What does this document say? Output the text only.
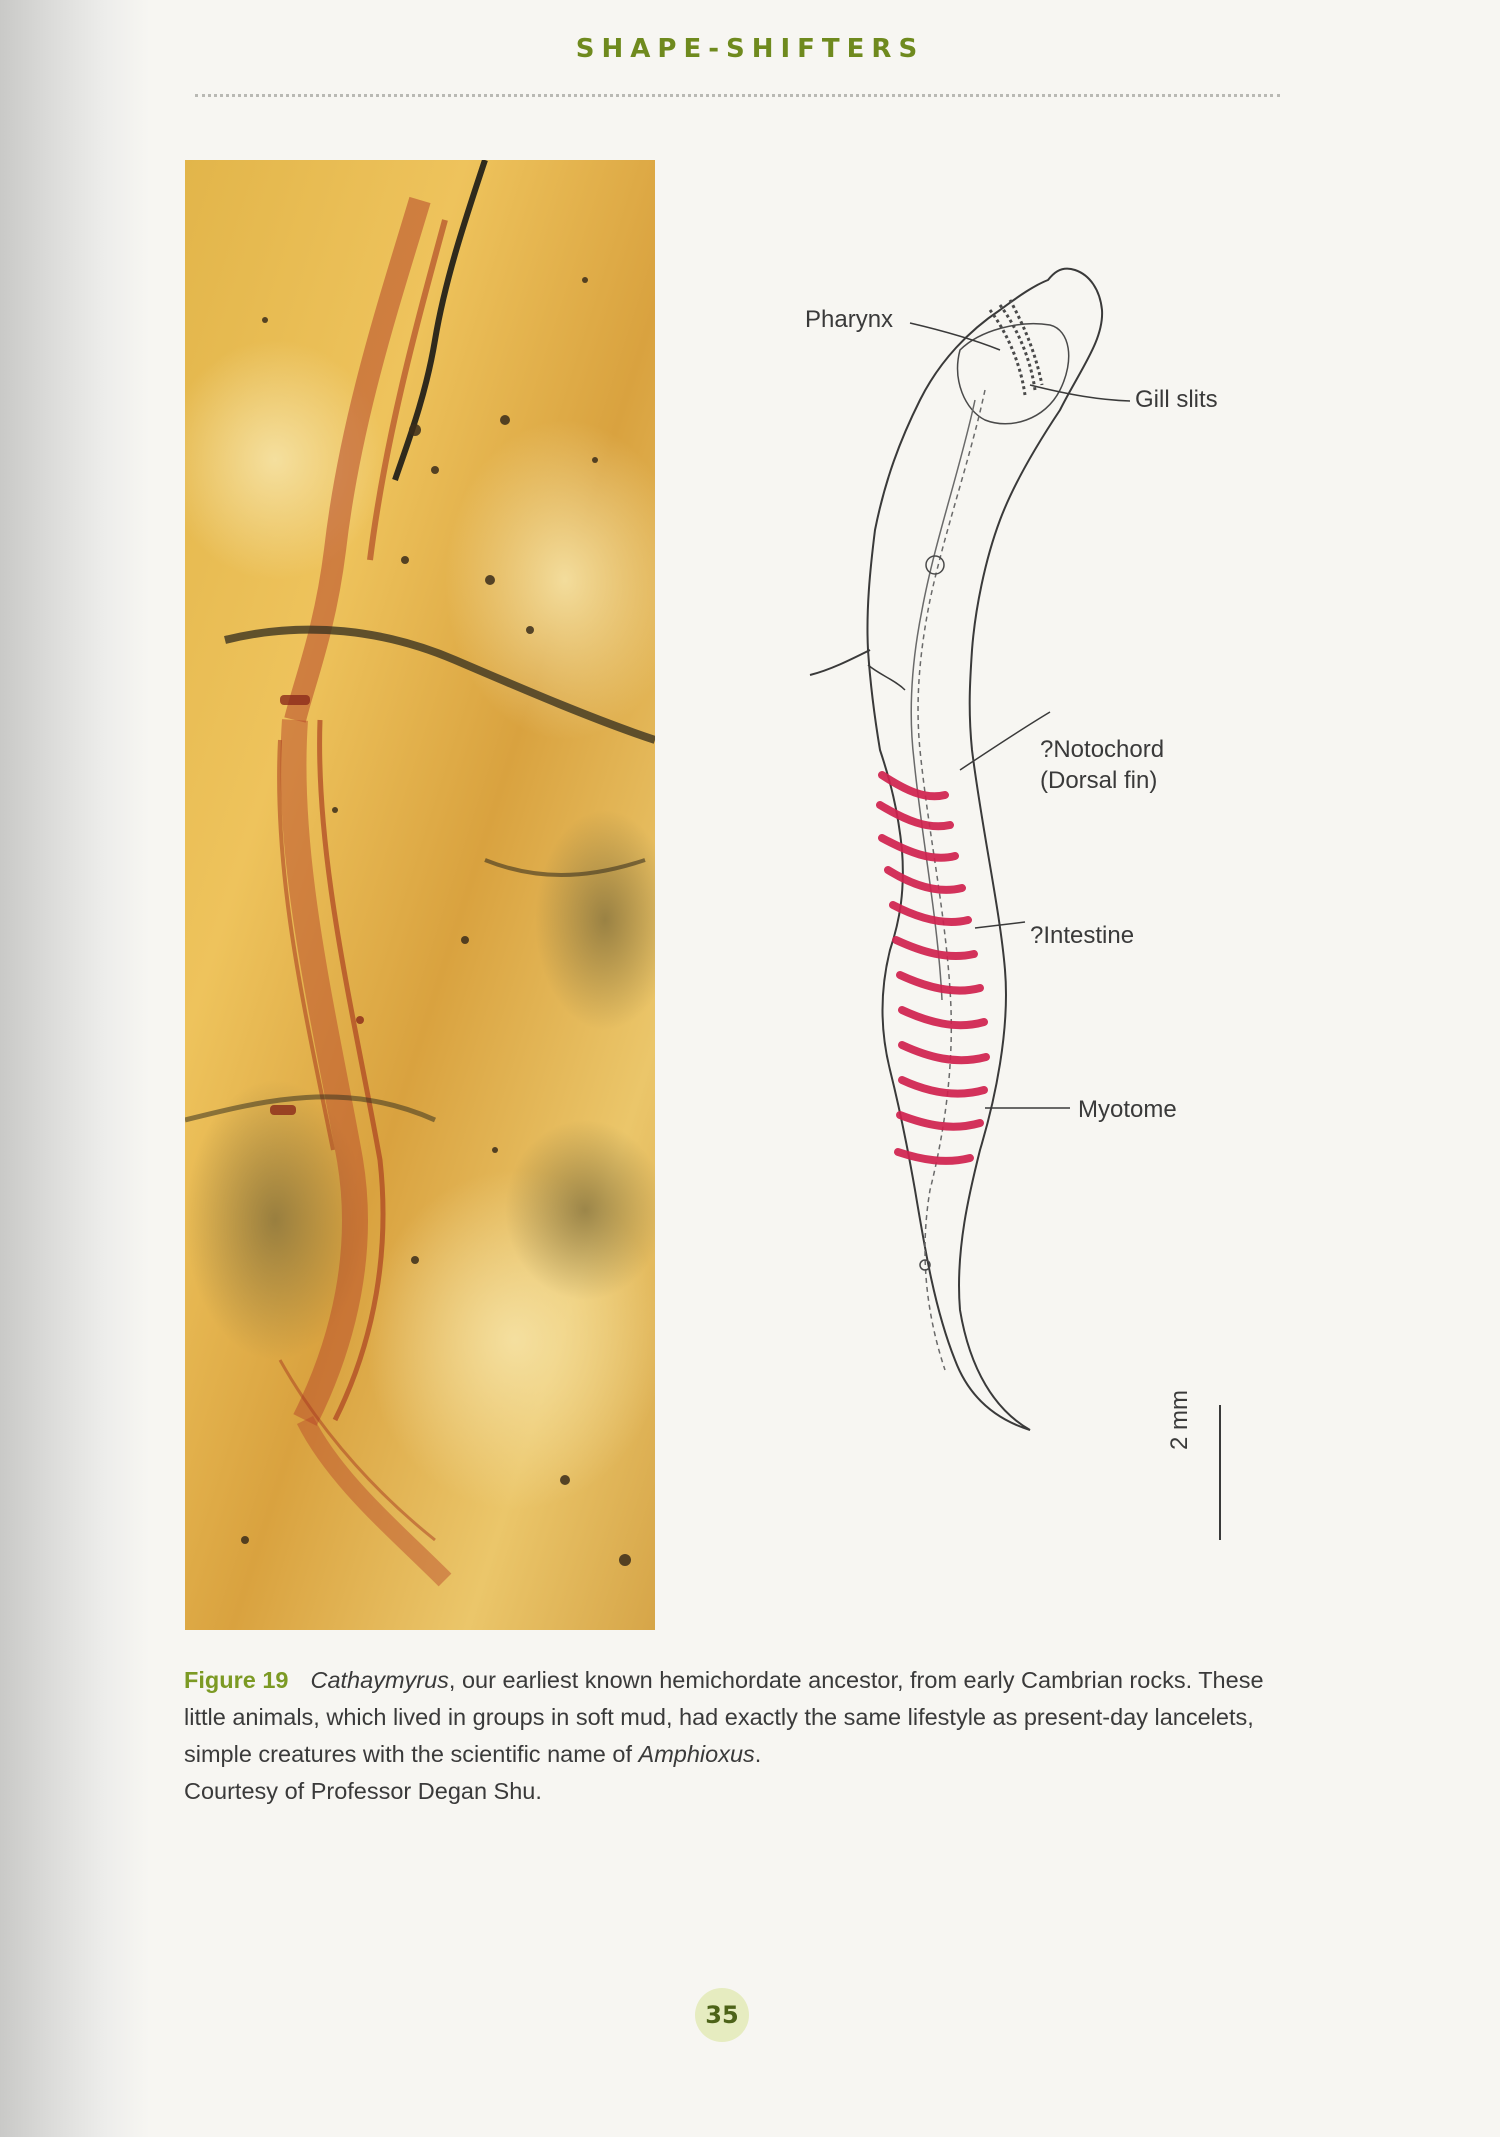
SHAPE-SHIFTERS
Pharynx
Gill slits
?Notochord
(Dorsal fin)
?Intestine
Myotome
2 mm

Figure 19 Cathaymyrus, our earliest known hemichordate ancestor, from early Cambrian rocks. These little animals, which lived in groups in soft mud, had exactly the same lifestyle as present-day lancelets, simple creatures with the scientific name of Amphioxus.

Courtesy of Professor Degan Shu.

35
